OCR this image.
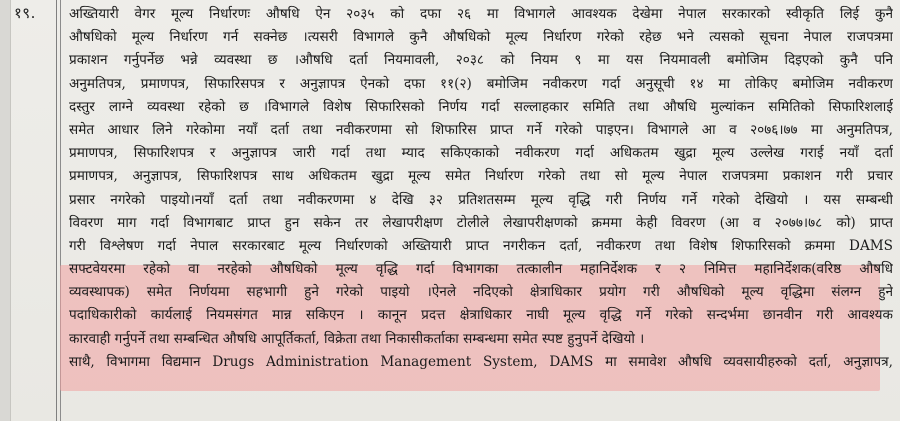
१९. अख्तियारी वेगर मूल्य निर्धारणः औषधि ऐन २०३५ को दफा २६ मा विभागले आवश्यक देखेमा नेपाल सरकारको स्वीकृति लिई कुनै
औषधिको मूल्य निर्धारण गर्न सक्नेछ ।त्यसरी विभागले कुनै औषधिको मूल्य निर्धारण गरेको रहेछ भने त्यसको सूचना नेपाल राजपत्रमा
प्रकाशन गर्नुपर्नेछ भन्ने व्यवस्था छ ।औषधि दर्ता नियमावली, २०३८ को नियम ९ मा यस नियमावली बमोजिम दिइएको कुनै पनि
अनुमतिपत्र, प्रमाणपत्र, सिफारिसपत्र र अनुज्ञापत्र ऐनको दफा ११(२) बमोजिम नवीकरण गर्दा अनुसूची १४ मा तोकिए बमोजिम नवीकरण
दस्तुर लाग्ने व्यवस्था रहेको छ ।विभागले विशेष सिफारिसको निर्णय गर्दा सल्लाहकार समिति तथा औषधि मुल्यांकन समितिको सिफारिशलाई
समेत आधार लिने गरेकोमा नयाँ दर्ता तथा नवीकरणमा सो शिफारिस प्राप्त गर्ने गरेको पाइएन। विभागले आ व २०७६।७७ मा अनुमतिपत्र,
प्रमाणपत्र, सिफारिशपत्र र अनुज्ञापत्र जारी गर्दा तथा म्याद सकिएकाको नवीकरण गर्दा अधिकतम खुद्रा मूल्य उल्लेख गराई नयाँ दर्ता
प्रमाणपत्र, अनुज्ञापत्र, सिफारिशपत्र साथ अधिकतम खुद्रा मूल्य समेत निर्धारण गरेको तथा सो मूल्य नेपाल राजपत्रमा प्रकाशन गरी प्रचार
प्रसार नगरेको पाइयो।नयाँ दर्ता तथा नवीकरणमा ४ देखि ३२ प्रतिशतसम्म मूल्य वृद्धि गरी निर्णय गर्ने गरेको देखियो । यस सम्बन्धी
विवरण माग गर्दा विभागबाट प्राप्त हुन सकेन तर लेखापरीक्षण टोलीले लेखापरीक्षणको क्रममा केही विवरण (आ व २०७७।७८ को) प्राप्त
गरी विश्लेषण गर्दा नेपाल सरकारबाट मूल्य निर्धारणको अख्तियारी प्राप्त नगरीकन दर्ता, नवीकरण तथा विशेष शिफारिसको क्रममा DAMS
सफ्टवेयरमा रहेको वा नरहेको औषधिको मूल्य वृद्धि गर्दा विभागका तत्कालीन महानिर्देशक र २ निमित्त महानिर्देशक(वरिष्ठ औषधि
व्यवस्थापक) समेत निर्णयमा सहभागी हुने गरेको पाइयो ।ऐनले नदिएको क्षेत्राधिकार प्रयोग गरी औषधिको मूल्य वृद्धिमा संलग्न हुने
पदाधिकारीको कार्यलाई नियमसंगत मान्न सकिएन । कानून प्रदत्त क्षेत्राधिकार नाघी मूल्य वृद्धि गर्ने गरेको सन्दर्भमा छानवीन गरी आवश्यक
कारवाही गर्नुपर्ने तथा सम्बन्धित औषधि आपूर्तिकर्ता, विक्रेता तथा निकासीकर्ताका सम्बन्धमा समेत स्पष्ट हुनुपर्ने देखियो ।
साथै, विभागमा विद्यमान Drugs Administration Management System, DAMS मा समावेश औषधि व्यवसायीहरुको दर्ता, अनुज्ञापत्र,
